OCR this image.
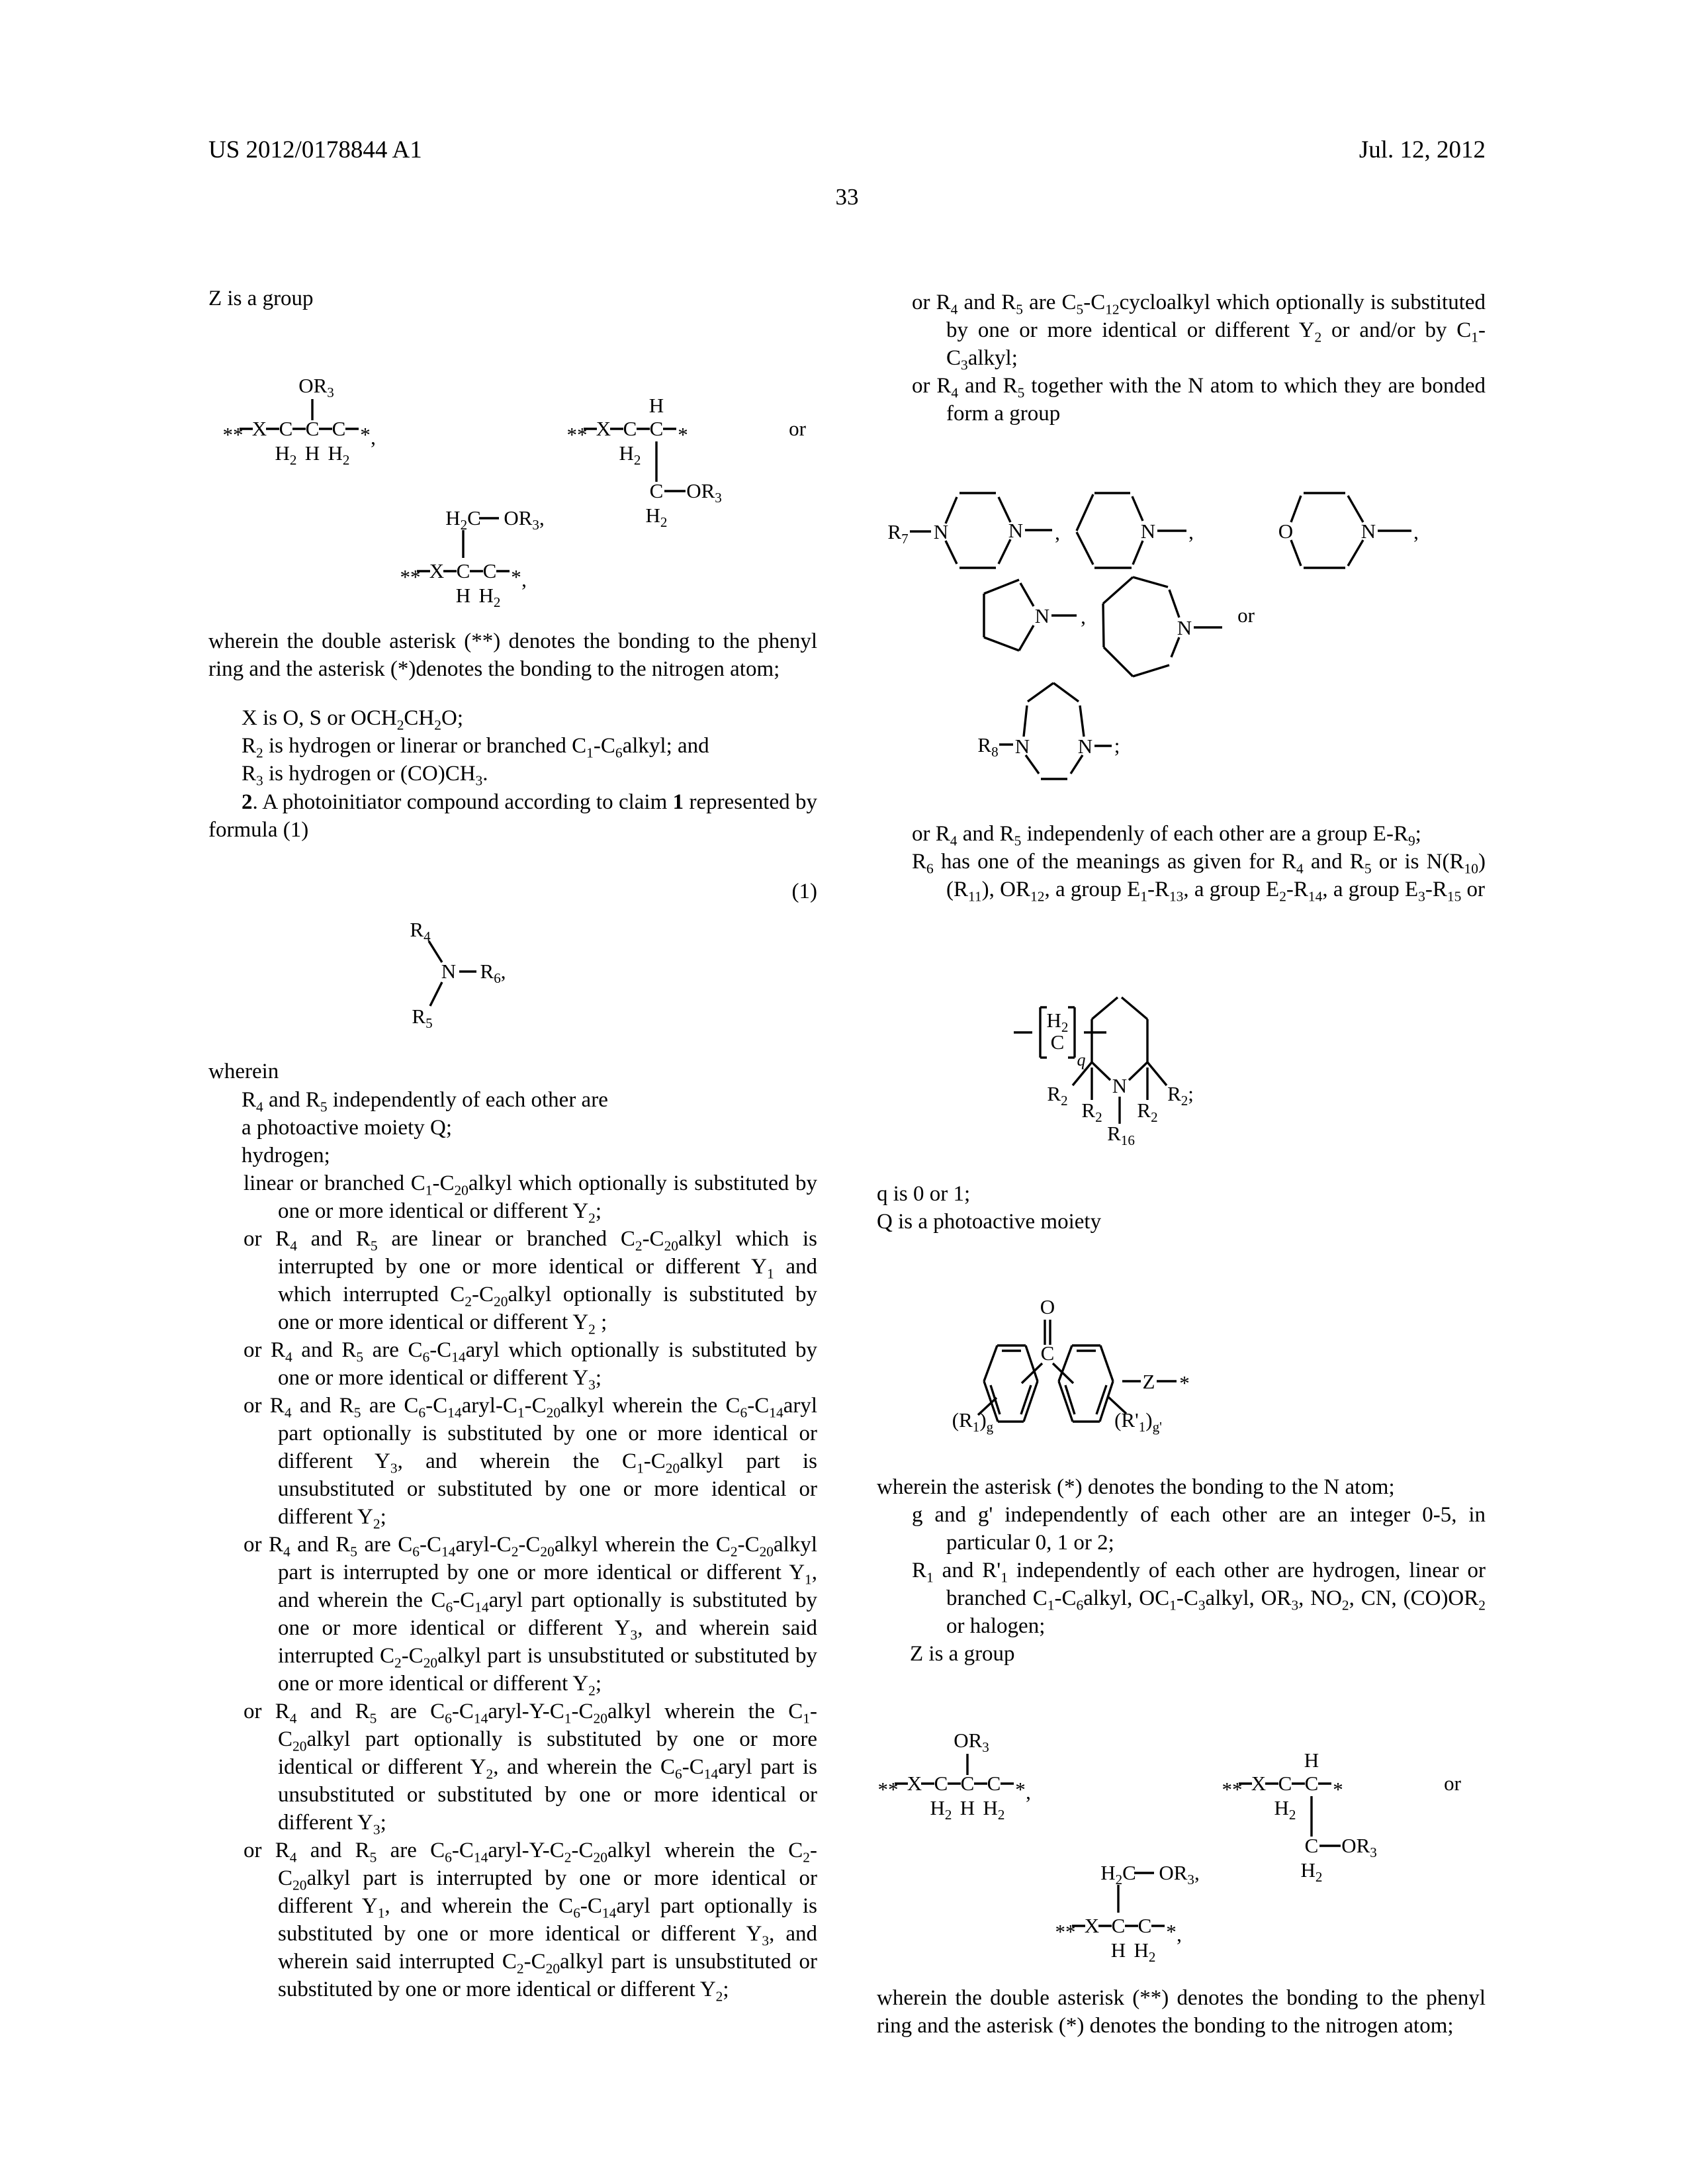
US 2012/0178844 A1	Jul. 12, 2012
33
Z is a group
wherein the double asterisk (**) denotes the bonding to the phenyl ring and the asterisk (*)denotes the bonding to the nitrogen atom;
X is O, S or $OCH_2CH_2O$;
$R_2$ is hydrogen or linerar or branched $C_1-C_6alkyl$; and
$R_3$ is hydrogen or $(CO)CH_3$.
2. A photoinitiator compound according to claim 1 represented by formula (1)
(1)
wherein
$R_4$ and $R_5$ independently of each other are
a photoactive moiety Q;
hydrogen;
linear or branched $C_1-C_{20}alkyl$ which optionally is substituted by one or more identical or different $Y_2$;
or $R_4$ and $R_5$ are linear or branched $C_2-C_{20}alkyl$ which is interrupted by one or more identical or different $Y_1$ and which interrupted $C_2-C_{20}alkyl$ optionally is substituted by one or more identical or different $Y_2$ ;
or $R_4$ and $R_5$ are $C_6-C_{14}aryl$ which optionally is substituted by one or more identical or different $Y_3$;
or $R_4$ and $R_5$ are $C_6-C_{14}aryl-C_1-C_{20}alkyl$ wherein the $C_6-C_{14}aryl$ part optionally is substituted by one or more identical or different $Y_3$, and wherein the $C_1-C_{20}alkyl$ part is unsubstituted or substituted by one or more identical or different $Y_2$;
or $R_4$ and $R_5$ are $C_6-C_{14}aryl-C_2-C_{20}alkyl$ wherein the $C_2-C_{20}alkyl$ part is interrupted by one or more identical or different $Y_1$, and wherein the $C_6-C_{14}aryl$ part optionally is substituted by one or more identical or different $Y_3$, and wherein said interrupted $C_2-C_{20}alkyl$ part is unsubstituted or substituted by one or more identical or different $Y_2$;
or $R_4$ and $R_5$ are $C_6-C_{14}aryl-Y-C_1-C_{20}alkyl$ wherein the $C_1-C_{20}alkyl$ part optionally is substituted by one or more identical or different $Y_2$, and wherein the $C_6-C_{14}aryl$ part is unsubstituted or substituted by one or more identical or different $Y_3$;
or $R_4$ and $R_5$ are $C_6-C_{14}aryl-Y-C_2-C_{20}alkyl$ wherein the $C_2-C_{20}alkyl$ part is interrupted by one or more identical or different $Y_1$, and wherein the $C_6-C_{14}aryl$ part optionally is substituted by one or more identical or different $Y_3$, and wherein said interrupted $C_2-C_{20}alkyl$ part is unsubstituted or substituted by one or more identical or different $Y_2$;
or $R_4$ and $R_5$ are $C_5-C_{12}cycloalkyl$ which optionally is substituted by one or more identical or different $Y_2$ or and/or by $C_1-C_3alkyl$;
or $R_4$ and $R_5$ together with the N atom to which they are bonded form a group
or $R_4$ and $R_5$ independenly of each other are a group $E-R_9$;
$R_6$ has one of the meanings as given for $R_4$ and $R_5$ or is $N(R_{10})(R_{11})$, $OR_{12}$, a group $E_1-R_{13}$, a group $E_2-R_{14}$, a group $E_3-R_{15}$ or
q is 0 or 1;
Q is a photoactive moiety
wherein the asterisk (*) denotes the bonding to the N atom;
g and g' independently of each other are an integer 0-5, in particular 0, 1 or 2;
$R_1$ and $R'_1$ independently of each other are hydrogen, linear or branched $C_1-C_6alkyl$, $OC_1-C_3alkyl$, $OR_3$, $NO_2$, CN, $(CO)OR_2$ or halogen;
Z is a group
wherein the double asterisk (**) denotes the bonding to the phenyl ring and the asterisk (*) denotes the bonding to the nitrogen atom;
** X C C C * ,
$H_2$ H $H_2$
$OR_3$
** X C C *
H
$H_2$
C
$H_2$
$OR_3$
or
$H_2C$ $OR_3$,
** X C C * ,
H $H_2$
$R_4$
N $R_6$,
$R_5$
$R_7$ N	N ,	N ,	O	N ,
N ,	N
or
$R_8$ N N ;
$H_2$
C
q
N
$R_2$ $R_2$
$R_{16}$
$R_2$
$R_2$;
O
C
$(R_1)_g$	$(R'_1)_{g'}$
Z *
** X C C C * ,
$H_2$ H $H_2$
$OR_3$
** X C C *
H
$H_2$
C
$H_2$
$OR_3$
or
$H_2C$ $OR_3$,
** X C C * ,
H $H_2$
